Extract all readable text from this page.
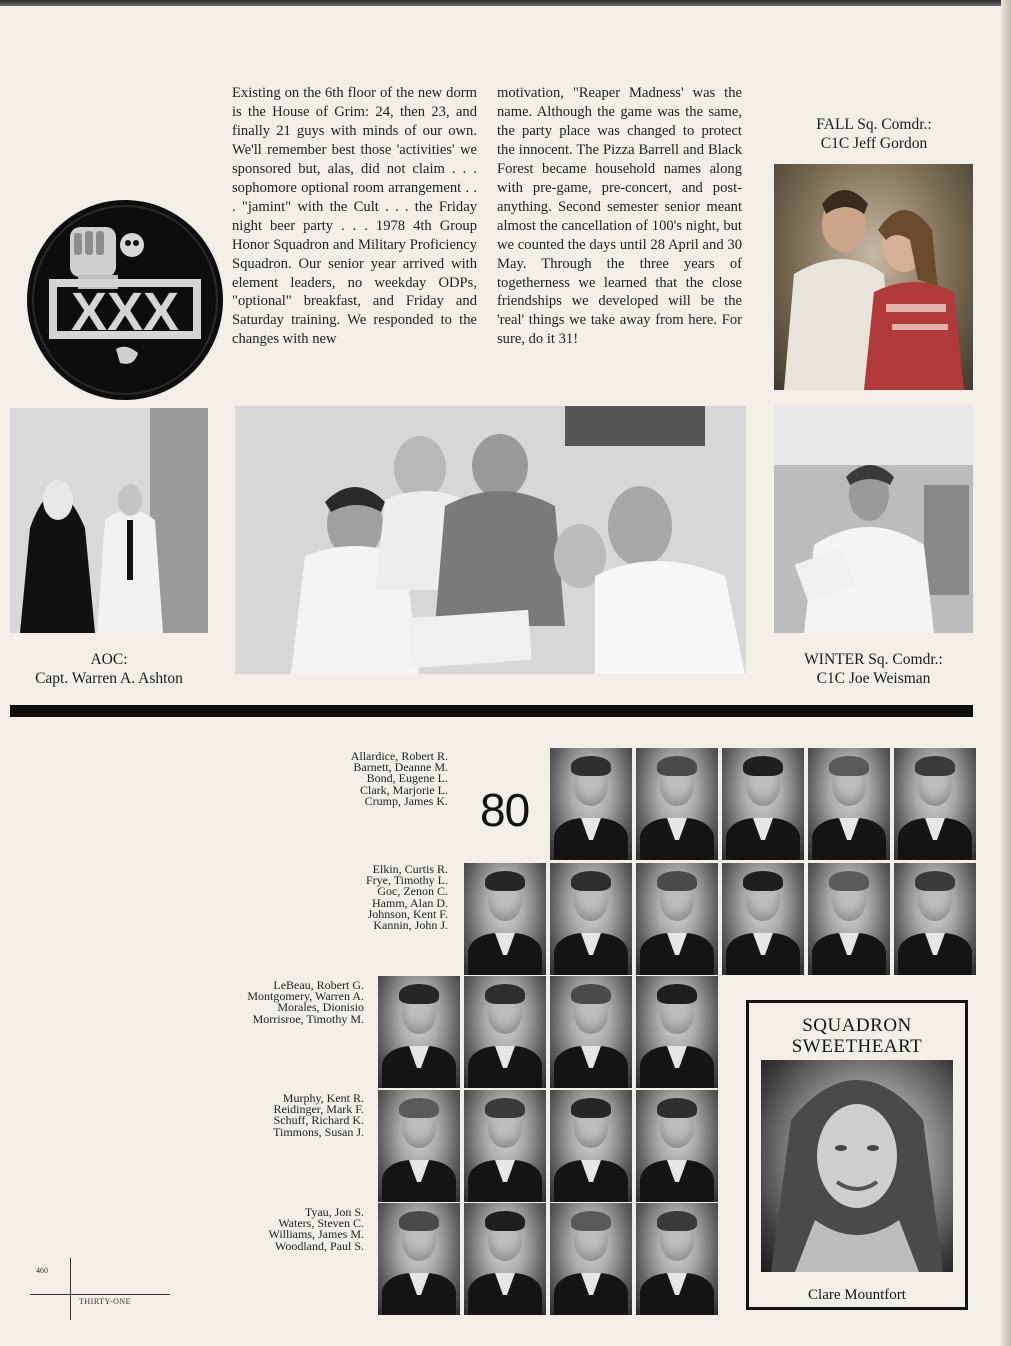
XXX
Existing on the 6th floor of the new dorm is the House of Grim: 24, then 23, and finally 21 guys with minds of our own. We'll remember best those 'activities' we sponsored but, alas, did not claim . . . sophomore optional room arrangement . . . "jamint" with the Cult . . . the Friday night beer party . . . 1978 4th Group Honor Squadron and Military Proficiency Squadron. Our senior year arrived with element leaders, no weekday ODPs, "optional" breakfast, and Friday and Saturday training. We responded to the changes with new
motivation, "Reaper Madness' was the name. Although the game was the same, the party place was changed to protect the innocent. The Pizza Barrell and Black Forest became household names along with pre-game, pre-concert, and post-anything. Second semester senior meant almost the cancellation of 100's night, but we counted the days until 28 April and 30 May. Through the three years of togetherness we learned that the close friendships we developed will be the 'real' things we take away from here. For sure, do it 31!
FALL Sq. Comdr.:
C1C Jeff Gordon
AOC:
Capt. Warren A. Ashton
WINTER Sq. Comdr.:
C1C Joe Weisman
80
Allardice, Robert R.
Barnett, Deanne M.
Bond, Eugene L.
Clark, Marjorie L.
Crump, James K.
Elkin, Curtis R.
Frye, Timothy L.
Goc, Zenon C.
Hamm, Alan D.
Johnson, Kent F.
Kannin, John J.
LeBeau, Robert G.
Montgomery, Warren A.
Morales, Dionisio
Morrisroe, Timothy M.
Murphy, Kent R.
Reidinger, Mark F.
Schuff, Richard K.
Timmons, Susan J.
Tyau, Jon S.
Waters, Steven C.
Williams, James M.
Woodland, Paul S.
SQUADRON
SWEETHEART
Clare Mountfort
460
THIRTY-ONE
